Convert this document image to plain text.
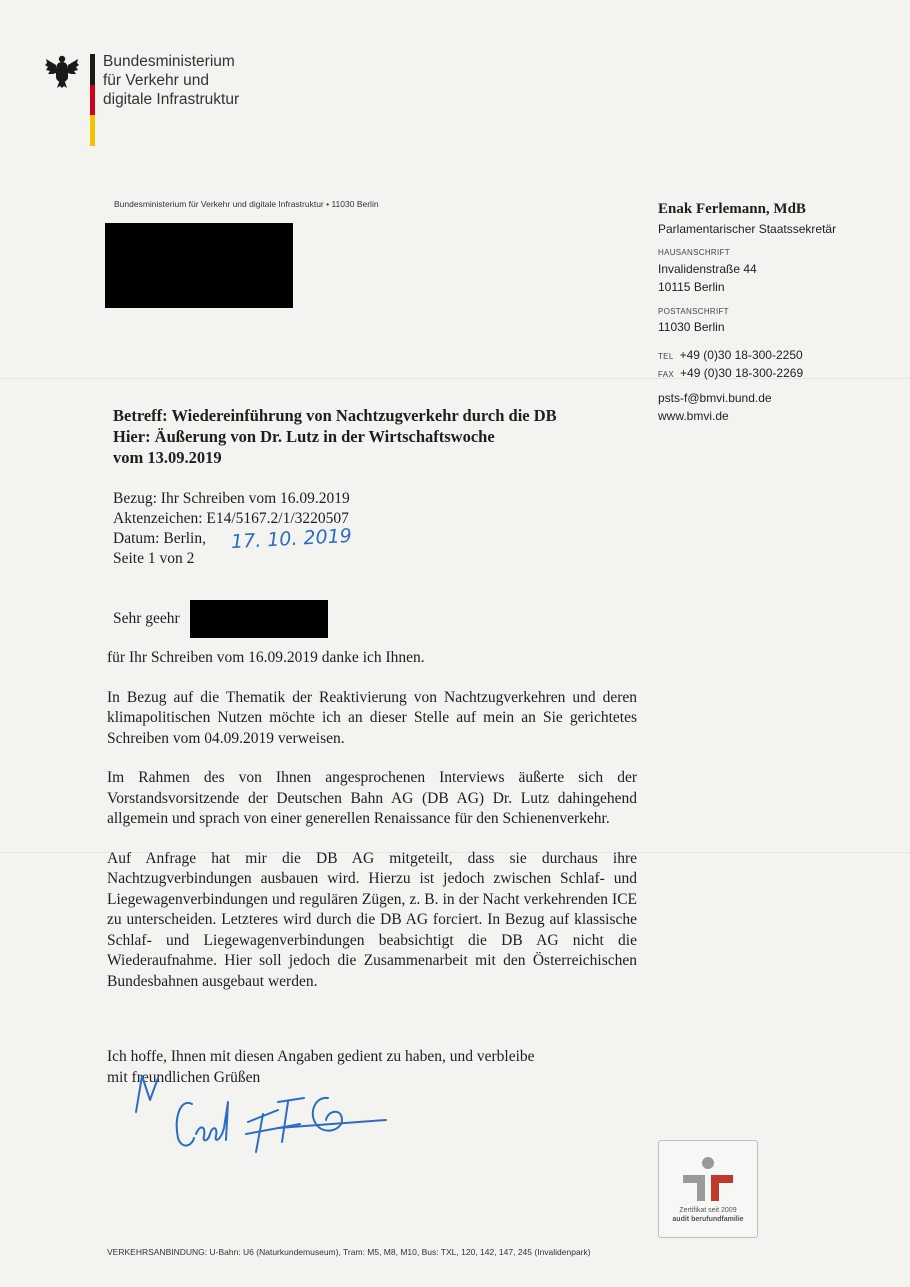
Bundesministerium
für Verkehr und
digitale Infrastruktur
Bundesministerium für Verkehr und digitale Infrastruktur • 11030 Berlin	Enak Ferlemann, MdB
Parlamentarischer Staatssekretär
HAUSANSCHRIFT
Invalidenstraße 44
10115 Berlin
POSTANSCHRIFT
11030 Berlin
TEL +49 (0)30 18-300-2250
FAX +49 (0)30 18-300-2269
psts-f@bmvi.bund.de
www.bmvi.de
Betreff: Wiedereinführung von Nachtzugverkehr durch die DB
Hier: Äußerung von Dr. Lutz in der Wirtschaftswoche
vom 13.09.2019
Bezug: Ihr Schreiben vom 16.09.2019
Aktenzeichen: E14/5167.2/1/3220507
Datum: Berlin,
Seite 1 von 2
17. 10. 2019
Sehr geehr

für Ihr Schreiben vom 16.09.2019 danke ich Ihnen.

In Bezug auf die Thematik der Reaktivierung von Nachtzugverkehren und deren klimapolitischen Nutzen möchte ich an dieser Stelle auf mein an Sie gerichtetes Schreiben vom 04.09.2019 verweisen.

Im Rahmen des von Ihnen angesprochenen Interviews äußerte sich der Vorstandsvorsitzende der Deutschen Bahn AG (DB AG) Dr. Lutz dahingehend allgemein und sprach von einer generellen Renaissance für den Schienenverkehr.

Auf Anfrage hat mir die DB AG mitgeteilt, dass sie durchaus ihre Nachtzugverbindungen ausbauen wird. Hierzu ist jedoch zwischen Schlaf- und Liegewagenverbindungen und regulären Zügen, z. B. in der Nacht verkehrenden ICE zu unterscheiden. Letzteres wird durch die DB AG forciert. In Bezug auf klassische Schlaf- und Liegewagenverbindungen beabsichtigt die DB AG nicht die Wiederaufnahme. Hier soll jedoch die Zusammenarbeit mit den Österreichischen Bundesbahnen ausgebaut werden.

Ich hoffe, Ihnen mit diesen Angaben gedient zu haben, und verbleibe
mit freundlichen Grüßen
Zertifikat seit 2009
audit berufundfamilie
VERKEHRSANBINDUNG: U-Bahn: U6 (Naturkundemuseum), Tram: M5, M8, M10, Bus: TXL, 120, 142, 147, 245 (Invalidenpark)
